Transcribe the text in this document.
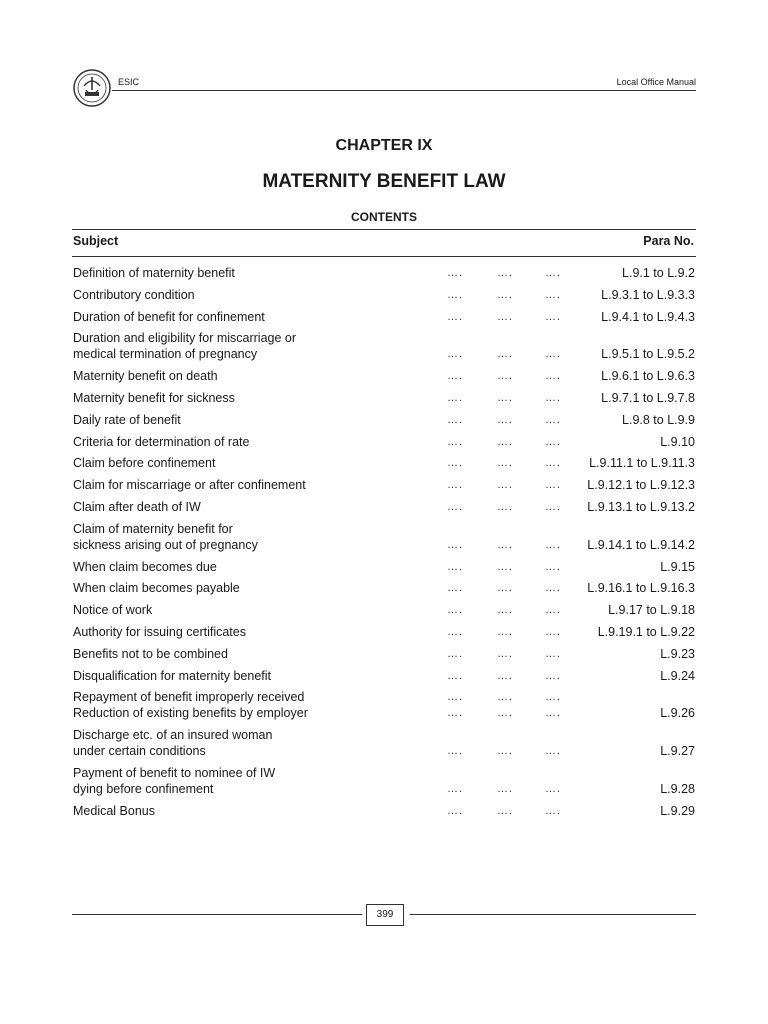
ESIC	Local Office Manual
CHAPTER IX
MATERNITY BENEFIT LAW
CONTENTS
Subject	Para No.
Definition of maternity benefit	….	….	….	L.9.1 to L.9.2
Contributory condition	….	….	….	L.9.3.1 to L.9.3.3
Duration of benefit for confinement	….	….	….	L.9.4.1 to L.9.4.3
Duration and eligibility for miscarriage or
medical termination of pregnancy	….	….	….	L.9.5.1 to L.9.5.2
Maternity benefit on death	….	….	….	L.9.6.1 to L.9.6.3
Maternity benefit for sickness	….	….	….	L.9.7.1 to L.9.7.8
Daily rate of benefit	….	….	….	L.9.8 to L.9.9
Criteria for determination of rate	….	….	….	L.9.10
Claim before confinement	….	….	…. L.9.11.1 to L.9.11.3
Claim for miscarriage or after confinement	….	….	…. L.9.12.1 to L.9.12.3
Claim after death of IW	….	….	…. L.9.13.1 to L.9.13.2
Claim of maternity benefit for
sickness arising out of pregnancy	….	….	…. L.9.14.1 to L.9.14.2
When claim becomes due	….	….	….	L.9.15
When claim becomes payable	….	….	…. L.9.16.1 to L.9.16.3
Notice of work	….	….	….	L.9.17 to L.9.18
Authority for issuing certificates	….	….	….	L.9.19.1 to L.9.22
Benefits not to be combined	….	….	….	L.9.23
Disqualification for maternity benefit	….	….	….	L.9.24
Repayment of benefit improperly received	….	….	….
Reduction of existing benefits by employer	….	….	….	L.9.26
Discharge etc. of an insured woman
under certain conditions	….	….	….	L.9.27
Payment of benefit to nominee of IW
dying before confinement	….	….	….	L.9.28
Medical Bonus	….	….	….	L.9.29
399
